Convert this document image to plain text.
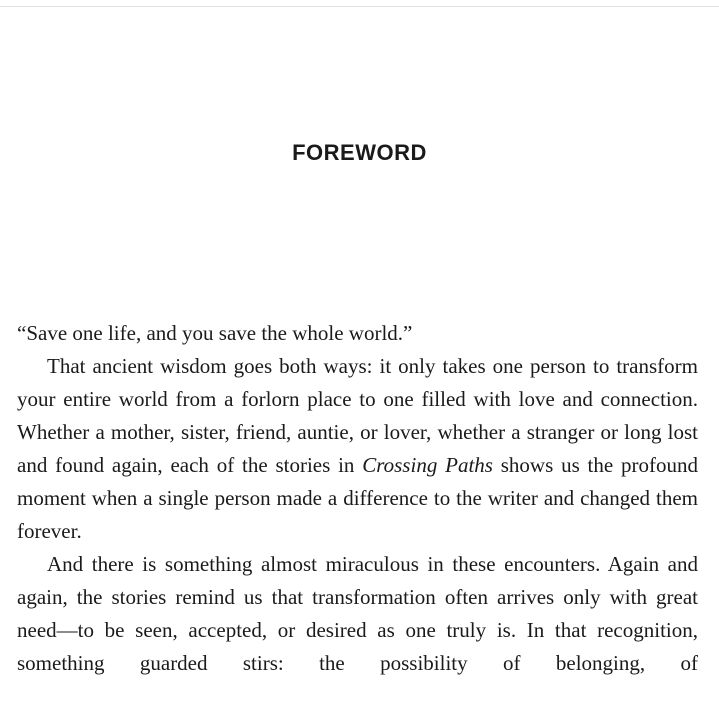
FOREWORD

“Save one life, and you save the whole world.”

That ancient wisdom goes both ways: it only takes one person to transform your entire world from a forlorn place to one filled with love and connection. Whether a mother, sister, friend, auntie, or lover, whether a stranger or long lost and found again, each of the stories in Crossing Paths shows us the profound moment when a single person made a difference to the writer and changed them forever.

And there is something almost miraculous in these encounters. Again and again, the stories remind us that transformation often arrives only with great need—to be seen, accepted, or desired as one truly is. In that recognition, something guarded stirs: the possibility of belonging, of
